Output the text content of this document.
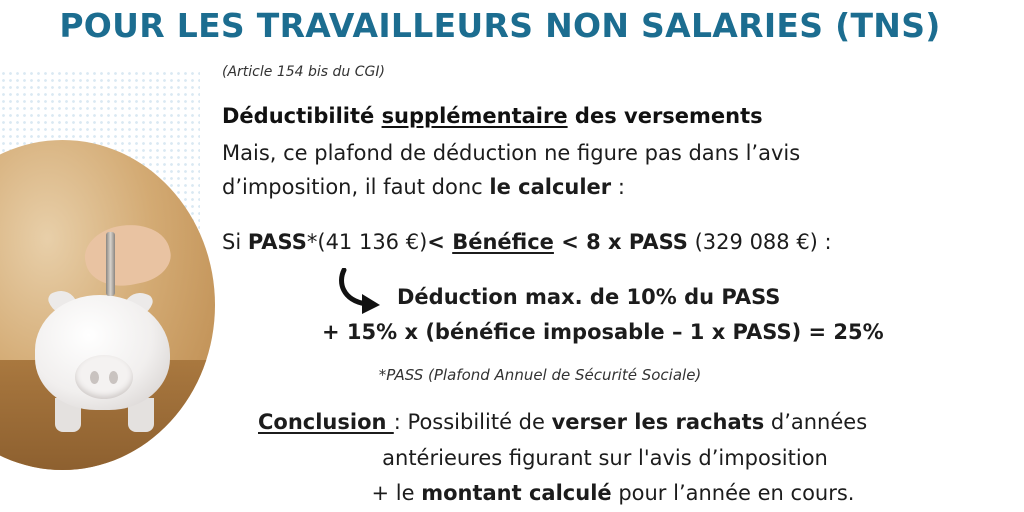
POUR LES TRAVAILLEURS NON SALARIES (TNS)
(Article 154 bis du CGI)
Déductibilité supplémentaire des versements
Mais, ce plafond de déduction ne figure pas dans l’avis
d’imposition, il faut donc le calculer :
Si PASS*(41 136 €)< Bénéfice < 8 x PASS (329 088 €) :
Déduction max. de 10% du PASS
+ 15% x (bénéfice imposable – 1 x PASS) = 25%
*PASS (Plafond Annuel de Sécurité Sociale)
Conclusion : Possibilité de verser les rachats d’années
antérieures figurant sur l'avis d’imposition
+ le montant calculé pour l’année en cours.
